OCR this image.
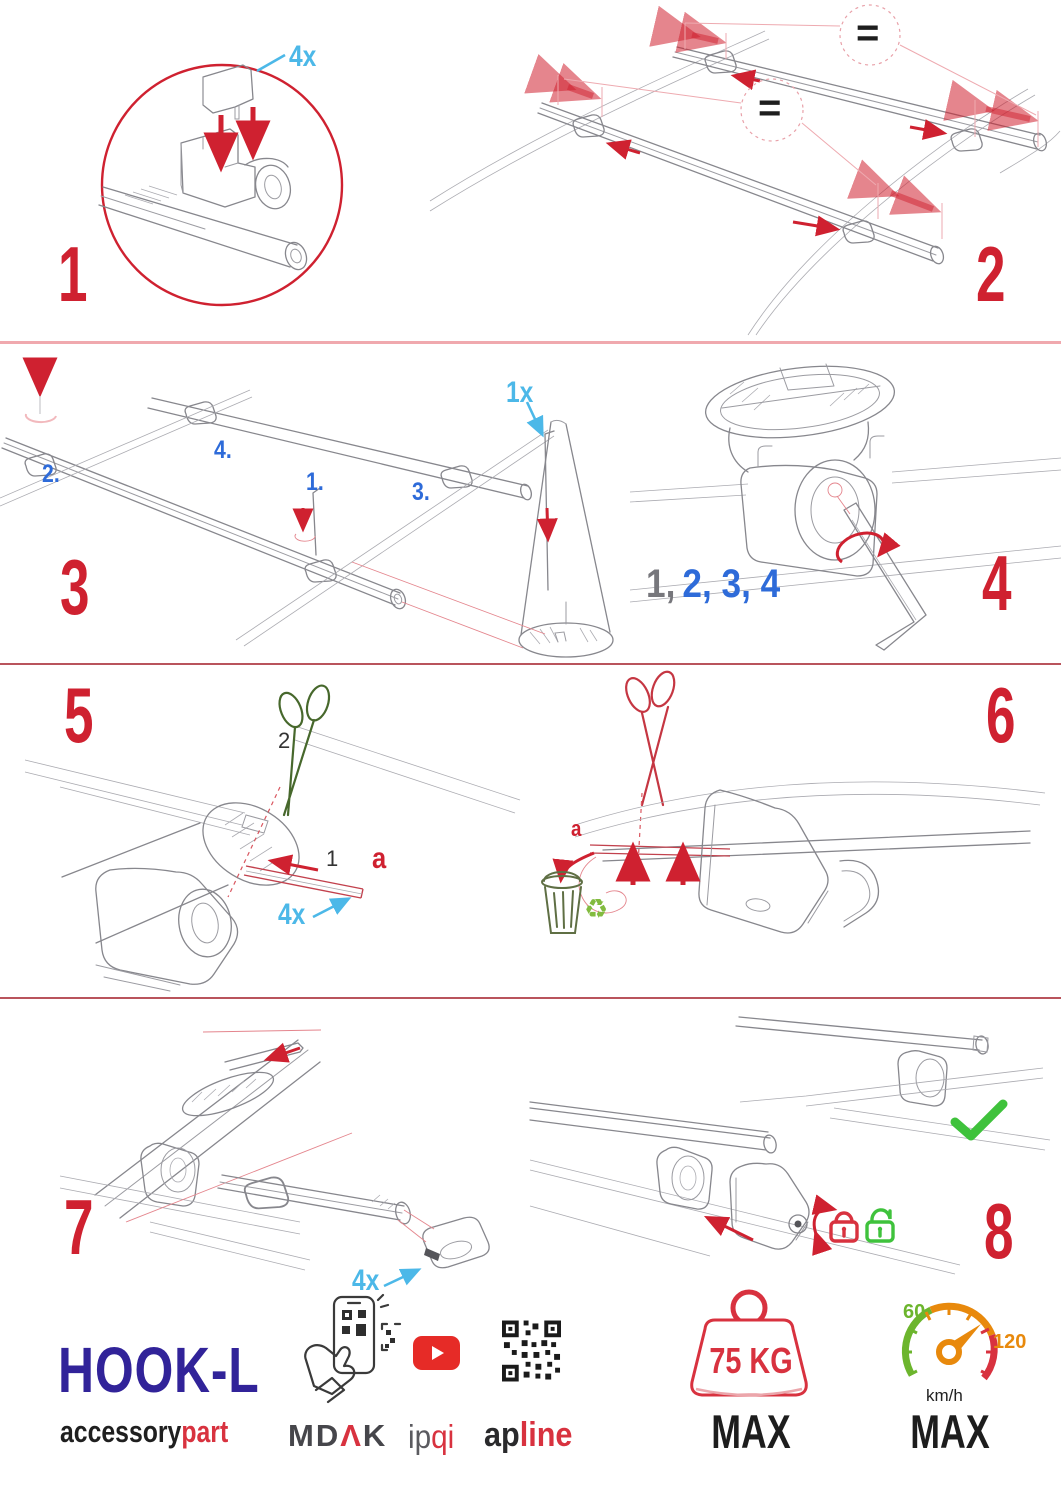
4x
1
=
=
2
2.
4.
1.	3.
1x
3	1, 2, 3, 4	4
2
1 a
4x
5
a
♻
6
4x
7	8
HOOK-L
accessorypart MDΛK ipqi apline
75 KG
MAX
60
120
km/h
MAX
